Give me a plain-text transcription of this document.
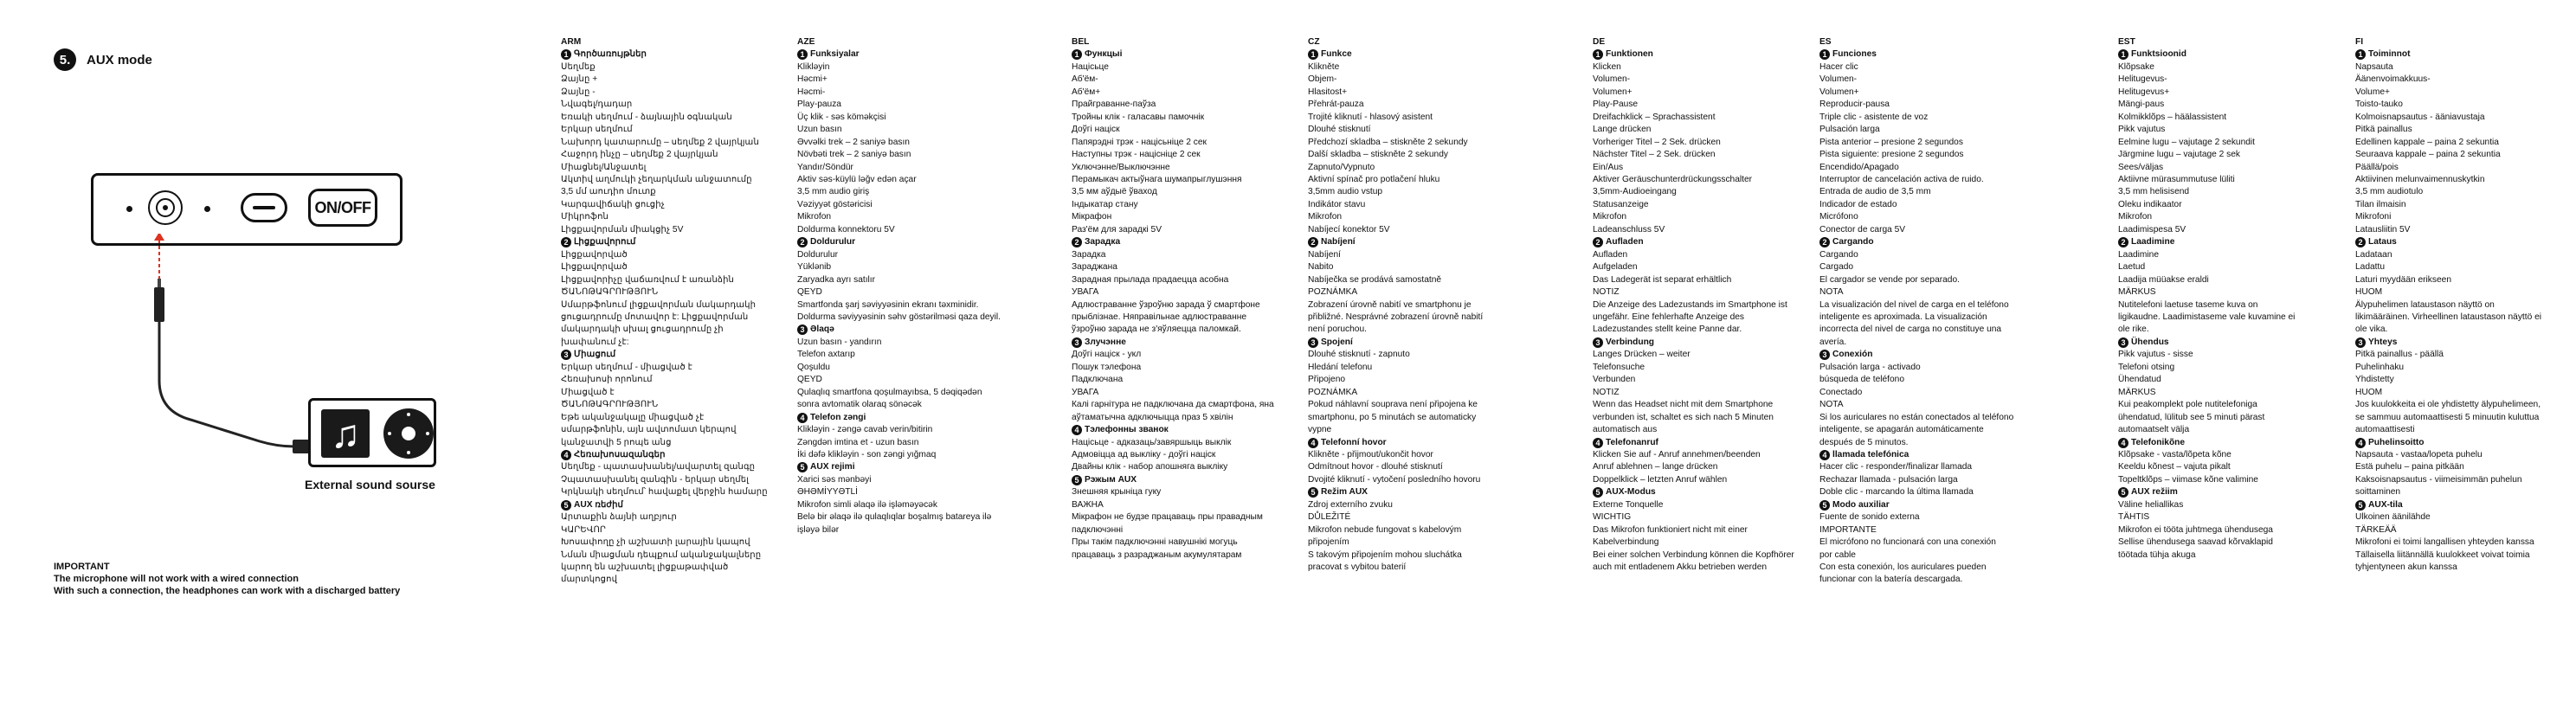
5.	AUX mode
ON/OFF
♫
External sound sourse
IMPORTANT
The microphone will not work with a wired connection
With such a connection, the headphones can work with a discharged battery
ARM
1 Գործառույթներ
Սեղմեք
Ձայնը +
Ձայնը -
Նվագել/դադար
Եռակի սեղմում - ձայնային օգնական
Երկար սեղմում
Նախորդ կատարումը – սեղմեք 2 վայրկյան
Հաջորդ ինչը – սեղմեք 2 վայրկյան
Միացնել/Անջատել
Ակտիվ աղմուկի չեղարկման անջատումը
3,5 մմ աուդիո մուտք
Կարգավիճակի ցուցիչ
Միկրոֆոն
Լիցքավորման միակցիչ 5V
2 Լիցքավորում
Լիցքավորված
Լիցքավորված
Լիցքավորիչը վաճառվում է առանձին
ԾԱՆՈԹԱԳՐՈՒԹՅՈՒՆ
Սմարթֆոնում լիցքավորման մակարդակի
ցուցադրումը մոտավոր է: Լիցքավորման
մակարդակի սխալ ցուցադրումը չի
խափանում չէ:
3 Միացում
Երկար սեղմում - միացված է
Հեռախոսի որոնում
Միացված է
ԾԱՆՈԹԱԳՐՈՒԹՅՈՒՆ
Եթե ականջակալը միացված չէ
սմարթֆոնին, այն ավտոմատ կերպով
կանջատվի 5 րոպե անց
4 Հեռախոսազանգեր
Սեղմեք - պատասխանել/ավարտել զանգը
Չպատասխանել զանգին - երկար սեղմել
Կրկնակի սեղմում՝ հավաքել վերջին համարը
5 AUX ռեժիմ
Արտաքին ձայնի աղբյուր
ԿԱՐԵՎՈՐ
Խոսափողը չի աշխատի լարային կապով
Նման միացման դեպքում ականջակալները
կարող են աշխատել լիցքաթափված
մարտկոցով
AZE
1 Funksiyalar
Klikləyin
Həcmi+
Həcmi-
Play-pauza
Üç klik - səs köməkçisi
Uzun basın
Əvvəlki trek – 2 saniyə basın
Növbəti trek – 2 saniyə basın
Yandır/Söndür
Aktiv səs-küylü ləğv edən açar
3,5 mm audio giriş
Vəziyyət göstəricisi
Mikrofon
Doldurma konnektoru 5V
2 Doldurulur
Doldurulur
Yüklənib
Zaryadka ayrı satılır
QEYD
Smartfonda şarj səviyyəsinin ekranı təxminidir.
Doldurma səviyyəsinin səhv göstərilməsi qaza deyil.
3 Əlaqə
Uzun basın - yandırın
Telefon axtarıр
Qoşuldu
QEYD
Qulaqlıq smartfona qoşulmayıbsa, 5 dəqiqədən
sonra avtomatik olaraq sönəcək
4 Telefon zəngi
Klikləyin - zəngə cavab verin/bitirin
Zəngdən imtina et - uzun basın
İki dəfə klikləyin - son zəngi yığmaq
5 AUX rejimi
Xarici səs mənbəyi
ƏHƏMİYYƏTLİ
Mikrofon simli əlaqə ilə işləməyəcək
Belə bir əlaqə ilə qulaqlıqlar boşalmış batareya ilə
işləyə bilər
BEL
1 Функцыі
Націсьце
Аб'ём-
Аб'ём+
Прайграванне-паўза
Тройны клік - галасавы памочнік
Доўгі націск
Папярэдні трэк - націсьніце 2 сек
Наступны трэк - націсніце 2 сек
Уключэнне/Выключэнне
Перамыкач актыўнага шумапрыглушэння
3,5 мм аўдыё ўваход
Індыкатар стану
Мікрафон
Раз'ём для зарадкі 5V
2 Зарадка
Зарадка
Зараджана
Зарадная прылада прадаецца асобна
УВАГА
Адлюстраванне ўзроўню зарада ў смартфоне
прыблізнае. Няправільнае адлюстраванне
ўзроўню зарада не з'яўляецца паломкай.
3 Злучэнне
Доўгі націск - укл
Пошук тэлефона
Падключана
УВАГА
Калі гарнітура не падключана да смартфона, яна
аўтаматычна адключыцца праз 5 хвілін
4 Тэлефонны званок
Націсьце - адказаць/завяршыць выклік
Адмовіцца ад выкліку - доўгі націск
Двайны клік - набор апошняга выкліку
5 Рэжым AUX
Знешняя крыніца гуку
ВАЖНА
Мікрафон не будзе працаваць пры правадным
падключэнні
Пры такім падключэнні навушнікі могуць
працаваць з разраджаным акумулятарам
CZ
1 Funkce
Klikněte
Objem-
Hlasitost+
Přehrát-pauza
Trojité kliknutí - hlasový asistent
Dlouhé stisknutí
Předchozí skladba – stiskněte 2 sekundy
Další skladba – stiskněte 2 sekundy
Zapnuto/Vypnuto
Aktivní spínač pro potlačení hluku
3,5mm audio vstup
Indikátor stavu
Mikrofon
Nabíjecí konektor 5V
2 Nabíjení
Nabíjení
Nabito
Nabíječka se prodává samostatně
POZNÁMKA
Zobrazení úrovně nabití ve smartphonu je
přibližné. Nesprávné zobrazení úrovně nabití
není poruchou.
3 Spojení
Dlouhé stisknutí - zapnuto
Hledání telefonu
Připojeno
POZNÁMKA
Pokud náhlavní souprava není připojena ke
smartphonu, po 5 minutách se automaticky
vypne
4 Telefonní hovor
Klikněte - přijmout/ukončit hovor
Odmítnout hovor - dlouhé stisknutí
Dvojité kliknutí - vytočení posledního hovoru
5 Režim AUX
Zdroj externího zvuku
DŮLEŽITÉ
Mikrofon nebude fungovat s kabelovým
připojením
S takovým připojením mohou sluchátka
pracovat s vybitou baterií
DE
1 Funktionen
Klicken
Volumen-
Volumen+
Play-Pause
Dreifachklick – Sprachassistent
Lange drücken
Vorheriger Titel – 2 Sek. drücken
Nächster Titel – 2 Sek. drücken
Ein/Aus
Aktiver Geräuschunterdrückungsschalter
3,5mm-Audioeingang
Statusanzeige
Mikrofon
Ladeanschluss 5V
2 Aufladen
Aufladen
Aufgeladen
Das Ladegerät ist separat erhältlich
NOTIZ
Die Anzeige des Ladezustands im Smartphone ist
ungefähr. Eine fehlerhafte Anzeige des
Ladezustandes stellt keine Panne dar.
3 Verbindung
Langes Drücken – weiter
Telefonsuche
Verbunden
NOTIZ
Wenn das Headset nicht mit dem Smartphone
verbunden ist, schaltet es sich nach 5 Minuten
automatisch aus
4 Telefonanruf
Klicken Sie auf - Anruf annehmen/beenden
Anruf ablehnen – lange drücken
Doppelklick – letzten Anruf wählen
5 AUX-Modus
Externe Tonquelle
WICHTIG
Das Mikrofon funktioniert nicht mit einer
Kabelverbindung
Bei einer solchen Verbindung können die Kopfhörer
auch mit entladenem Akku betrieben werden
ES
1 Funciones
Hacer clic
Volumen-
Volumen+
Reproducir-pausa
Triple clic - asistente de voz
Pulsación larga
Pista anterior – presione 2 segundos
Pista siguiente: presione 2 segundos
Encendido/Apagado
Interruptor de cancelación activa de ruido.
Entrada de audio de 3,5 mm
Indicador de estado
Micrófono
Conector de carga 5V
2 Cargando
Cargando
Cargado
El cargador se vende por separado.
NOTA
La visualización del nivel de carga en el teléfono
inteligente es aproximada. La visualización
incorrecta del nivel de carga no constituye una
avería.
3 Conexión
Pulsación larga - activado
búsqueda de teléfono
Conectado
NOTA
Si los auriculares no están conectados al teléfono
inteligente, se apagarán automáticamente
después de 5 minutos.
4 llamada telefónica
Hacer clic - responder/finalizar llamada
Rechazar llamada - pulsación larga
Doble clic - marcando la última llamada
5 Modo auxiliar
Fuente de sonido externa
IMPORTANTE
El micrófono no funcionará con una conexión
por cable
Con esta conexión, los auriculares pueden
funcionar con la batería descargada.
EST
1 Funktsioonid
Klõpsake
Helitugevus-
Helitugevus+
Mängi-paus
Kolmikklõps – häälassistent
Pikk vajutus
Eelmine lugu – vajutage 2 sekundit
Järgmine lugu – vajutage 2 sek
Sees/väljas
Aktiivne mürasummutuse lüliti
3,5 mm helisisend
Oleku indikaator
Mikrofon
Laadimispesa 5V
2 Laadimine
Laadimine
Laetud
Laadija müüakse eraldi
MÄRKUS
Nutitelefoni laetuse taseme kuva on
ligikaudne. Laadimistaseme vale kuvamine ei
ole rike.
3 Ühendus
Pikk vajutus - sisse
Telefoni otsing
Ühendatud
MÄRKUS
Kui peakomplekt pole nutitelefoniga
ühendatud, lülitub see 5 minuti pärast
automaatselt välja
4 Telefonikõne
Klõpsake - vasta/lõpeta kõne
Keeldu kõnest – vajuta pikalt
Topeltklõps – viimase kõne valimine
5 AUX režiim
Väline heliallikas
TÄHTIS
Mikrofon ei tööta juhtmega ühendusega
Sellise ühendusega saavad kõrvaklapid
töötada tühja akuga
FI
1 Toiminnot
Napsauta
Äänenvoimakkuus-
Volume+
Toisto-tauko
Kolmoisnapsautus - ääniavustaja
Pitkä painallus
Edellinen kappale – paina 2 sekuntia
Seuraava kappale – paina 2 sekuntia
Päällä/pois
Aktiivinen melunvaimennuskytkin
3,5 mm audiotulo
Tilan ilmaisin
Mikrofoni
Latausliitin 5V
2 Lataus
Ladataan
Ladattu
Laturi myydään erikseen
HUOM
Älypuhelimen lataustason näyttö on
likimääräinen. Virheellinen lataustason näyttö ei
ole vika.
3 Yhteys
Pitkä painallus - päällä
Puhelinhaku
Yhdistetty
HUOM
Jos kuulokkeita ei ole yhdistetty älypuhelimeen,
se sammuu automaattisesti 5 minuutin kuluttua
automaattisesti
4 Puhelinsoitto
Napsauta - vastaa/lopeta puhelu
Estä puhelu – paina pitkään
Kaksoisnapsautus - viimeisimmän puhelun
soittaminen
5 AUX-tila
Ulkoinen äänilähde
TÄRKEÄÄ
Mikrofoni ei toimi langallisen yhteyden kanssa
Tällaisella liitännällä kuulokkeet voivat toimia
tyhjentyneen akun kanssa
